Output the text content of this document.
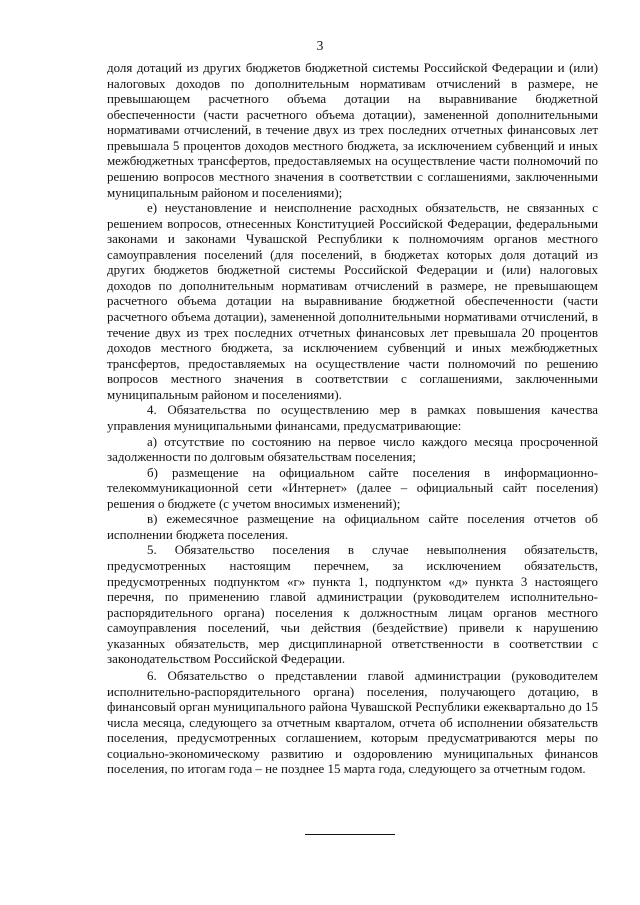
3

доля дотаций из других бюджетов бюджетной системы Российской Федерации и (или) налоговых доходов по дополнительным нормативам отчислений в размере, не превышающем расчетного объема дотации на выравнивание бюджетной обеспеченности (части расчетного объема дотации), замененной дополнительными нормативами отчислений, в течение двух из трех последних отчетных финансовых лет превышала 5 процентов доходов местного бюджета, за исключением субвенций и иных межбюджетных трансфертов, предоставляемых на осуществление части полномочий по решению вопросов местного значения в соответствии с соглашениями, заключенными муниципальным районом и поселениями);

е) неустановление и неисполнение расходных обязательств, не связанных с решением вопросов, отнесенных Конституцией Российской Федерации, федеральными законами и законами Чувашской Республики к полномочиям органов местного самоуправления поселений (для поселений, в бюджетах которых доля дотаций из других бюджетов бюджетной системы Российской Федерации и (или) налоговых доходов по дополнительным нормативам отчислений в размере, не превышающем расчетного объема дотации на выравнивание бюджетной обеспеченности (части расчетного объема дотации), замененной дополнительными нормативами отчислений, в течение двух из трех последних отчетных финансовых лет превышала 20 процентов доходов местного бюджета, за исключением субвенций и иных межбюджетных трансфертов, предоставляемых на осуществление части полномочий по решению вопросов местного значения в соответствии с соглашениями, заключенными муниципальным районом и поселениями).

4. Обязательства по осуществлению мер в рамках повышения качества управления муниципальными финансами, предусматривающие:

а) отсутствие по состоянию на первое число каждого месяца просроченной задолженности по долговым обязательствам поселения;

б) размещение на официальном сайте поселения в информационно-телекоммуникационной сети «Интернет» (далее – официальный сайт поселения) решения о бюджете (с учетом вносимых изменений);

в) ежемесячное размещение на официальном сайте поселения отчетов об исполнении бюджета поселения.

5. Обязательство поселения в случае невыполнения обязательств, предусмотренных настоящим перечнем, за исключением обязательств, предусмотренных подпунктом «г» пункта 1, подпунктом «д» пункта 3 настоящего перечня, по применению главой администрации (руководителем исполнительно-распорядительного органа) поселения к должностным лицам органов местного самоуправления поселений, чьи действия (бездействие) привели к нарушению указанных обязательств, мер дисциплинарной ответственности в соответствии с законодательством Российской Федерации.

6. Обязательство о представлении главой администрации (руководителем исполнительно-распорядительного органа) поселения, получающего дотацию, в финансовый орган муниципального района Чувашской Республики ежеквартально до 15 числа месяца, следующего за отчетным кварталом, отчета об исполнении обязательств поселения, предусмотренных соглашением, которым предусматриваются меры по социально-экономическому развитию и оздоровлению муниципальных финансов поселения, по итогам года – не позднее 15 марта года, следующего за отчетным годом.
